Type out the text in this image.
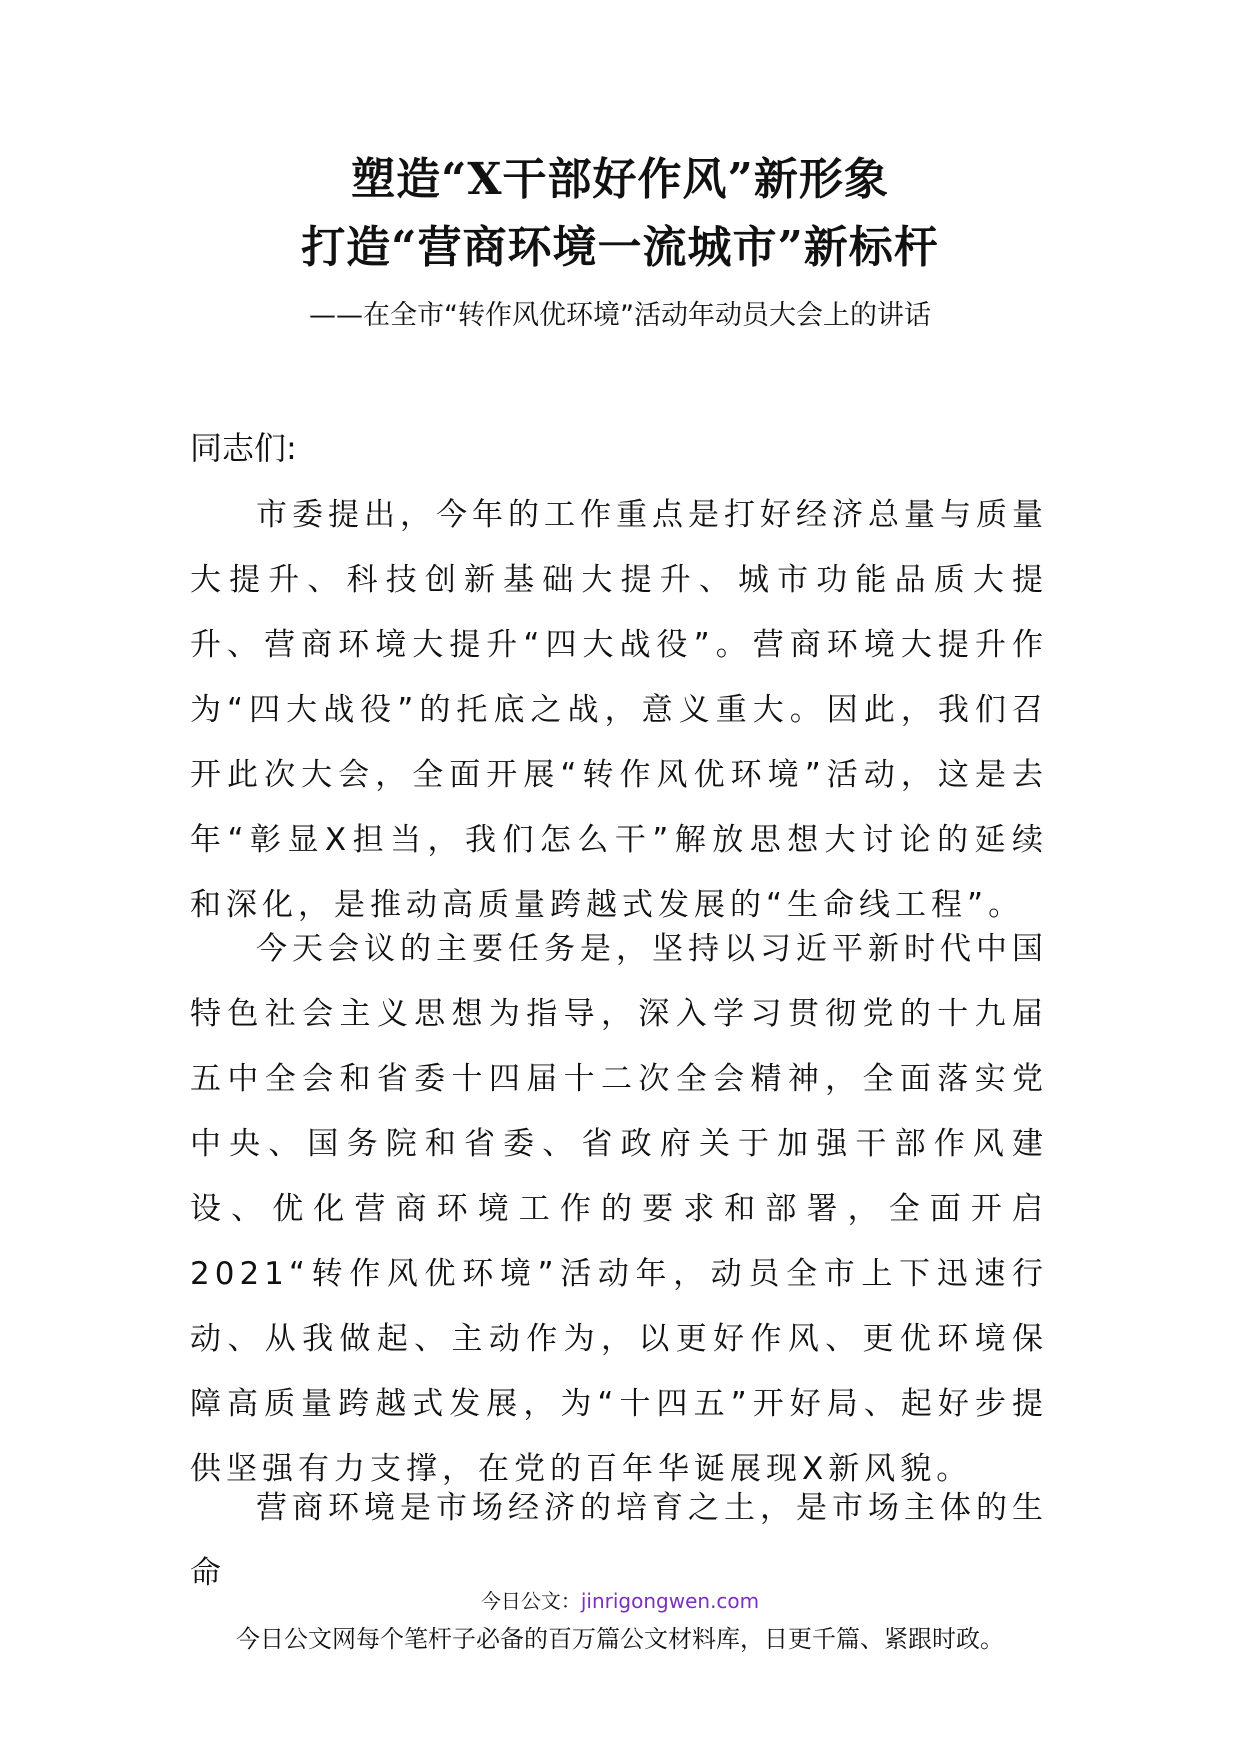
塑造“X干部好作风”新形象
打造“营商环境一流城市”新标杆
——在全市“转作风优环境”活动年动员大会上的讲话
同志们:

市委提出，今年的工作重点是打好经济总量与质量大提升、科技创新基础大提升、城市功能品质大提升、营商环境大提升“四大战役”。营商环境大提升作为“四大战役”的托底之战，意义重大。因此，我们召开此次大会，全面开展“转作风优环境”活动，这是去年“彰显X担当，我们怎么干”解放思想大讨论的延续和深化，是推动高质量跨越式发展的“生命线工程”。

今天会议的主要任务是，坚持以习近平新时代中国特色社会主义思想为指导，深入学习贯彻党的十九届五中全会和省委十四届十二次全会精神，全面落实党中央、国务院和省委、省政府关于加强干部作风建设、优化营商环境工作的要求和部署，全面开启2021“转作风优环境”活动年，动员全市上下迅速行动、从我做起、主动作为，以更好作风、更优环境保障高质量跨越式发展，为“十四五”开好局、起好步提供坚强有力支撑，在党的百年华诞展现X新风貌。

营商环境是市场经济的培育之土，是市场主体的生命

今日公文：jinrigongwen.com
今日公文网每个笔杆子必备的百万篇公文材料库，日更千篇、紧跟时政。
